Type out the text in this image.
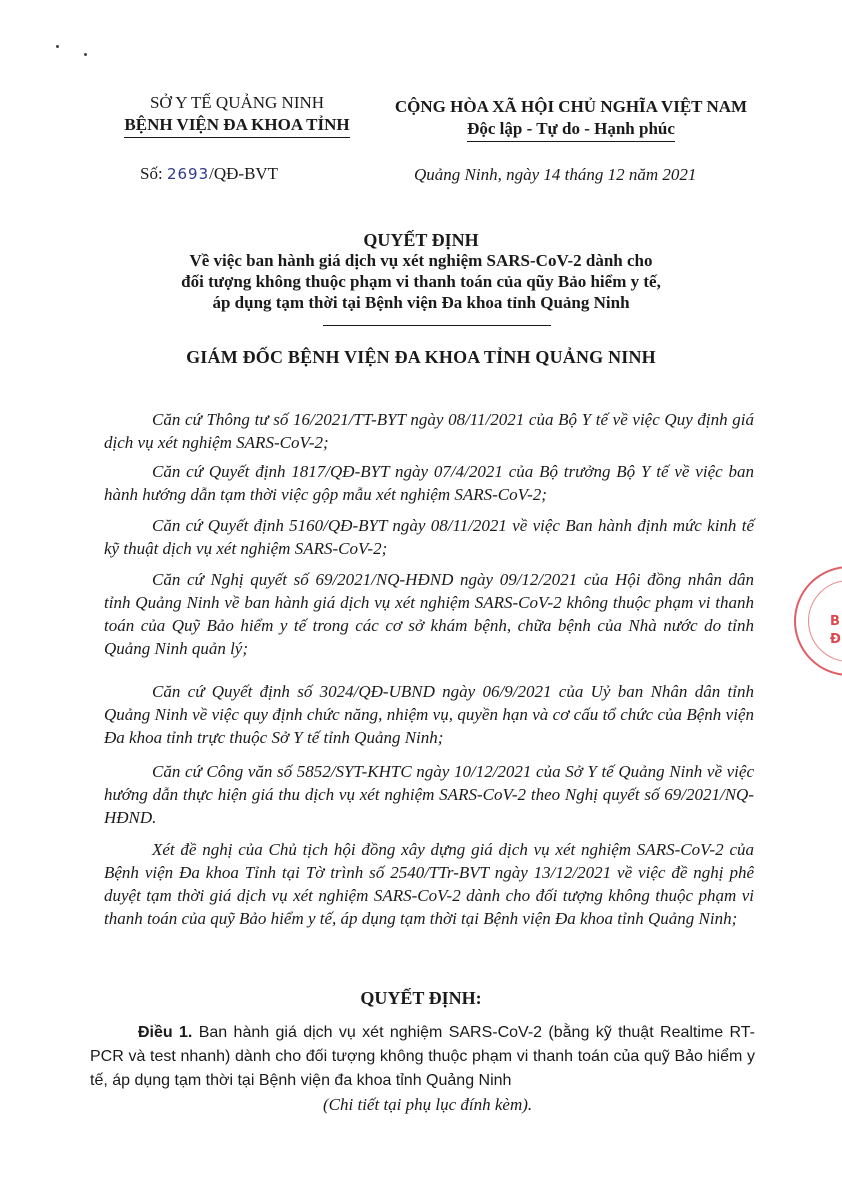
SỞ Y TẾ QUẢNG NINH
BỆNH VIỆN ĐA KHOA TỈNH
Số: 2693/QĐ-BVT
CỘNG HÒA XÃ HỘI CHỦ NGHĨA VIỆT NAM
Độc lập - Tự do - Hạnh phúc
Quảng Ninh, ngày 14 tháng 12 năm 2021
QUYẾT ĐỊNH
Về việc ban hành giá dịch vụ xét nghiệm SARS-CoV-2 dành cho
đối tượng không thuộc phạm vi thanh toán của qũy Bảo hiểm y tế,
áp dụng tạm thời tại Bệnh viện Đa khoa tỉnh Quảng Ninh
GIÁM ĐỐC BỆNH VIỆN ĐA KHOA TỈNH QUẢNG NINH
Căn cứ Thông tư số 16/2021/TT-BYT ngày 08/11/2021 của Bộ Y tế về việc Quy định giá dịch vụ xét nghiệm SARS-CoV-2;
Căn cứ Quyết định 1817/QĐ-BYT ngày 07/4/2021 của Bộ trưởng Bộ Y tế về việc ban hành hướng dẫn tạm thời việc gộp mẫu xét nghiệm SARS-CoV-2;
Căn cứ Quyết định 5160/QĐ-BYT ngày 08/11/2021 về việc Ban hành định mức kinh tế kỹ thuật dịch vụ xét nghiệm SARS-CoV-2;
Căn cứ Nghị quyết số 69/2021/NQ-HĐND ngày 09/12/2021 của Hội đồng nhân dân tỉnh Quảng Ninh về ban hành giá dịch vụ xét nghiệm SARS-CoV-2 không thuộc phạm vi thanh toán của Quỹ Bảo hiểm y tế trong các cơ sở khám bệnh, chữa bệnh của Nhà nước do tỉnh Quảng Ninh quản lý;
Căn cứ Quyết định số 3024/QĐ-UBND ngày 06/9/2021 của Uỷ ban Nhân dân tỉnh Quảng Ninh về việc quy định chức năng, nhiệm vụ, quyền hạn và cơ cấu tổ chức của Bệnh viện Đa khoa tỉnh trực thuộc Sở Y tế tỉnh Quảng Ninh;
Căn cứ Công văn số 5852/SYT-KHTC ngày 10/12/2021 của Sở Y tế Quảng Ninh về việc hướng dẫn thực hiện giá thu dịch vụ xét nghiệm SARS-CoV-2 theo Nghị quyết số 69/2021/NQ-HĐND.
Xét đề nghị của Chủ tịch hội đồng xây dựng giá dịch vụ xét nghiệm SARS-CoV-2 của Bệnh viện Đa khoa Tỉnh tại Tờ trình số 2540/TTr-BVT ngày 13/12/2021 về việc đề nghị phê duyệt tạm thời giá dịch vụ xét nghiệm SARS-CoV-2 dành cho đối tượng không thuộc phạm vi thanh toán của quỹ Bảo hiểm y tế, áp dụng tạm thời tại Bệnh viện Đa khoa tỉnh Quảng Ninh;
QUYẾT ĐỊNH:
Điều 1. Ban hành giá dịch vụ xét nghiệm SARS-CoV-2 (bằng kỹ thuật Realtime RT-PCR và test nhanh) dành cho đối tượng không thuộc phạm vi thanh toán của quỹ Bảo hiểm y tế, áp dụng tạm thời tại Bệnh viện đa khoa tỉnh Quảng Ninh
(Chi tiết tại phụ lục đính kèm).
B
Đ
